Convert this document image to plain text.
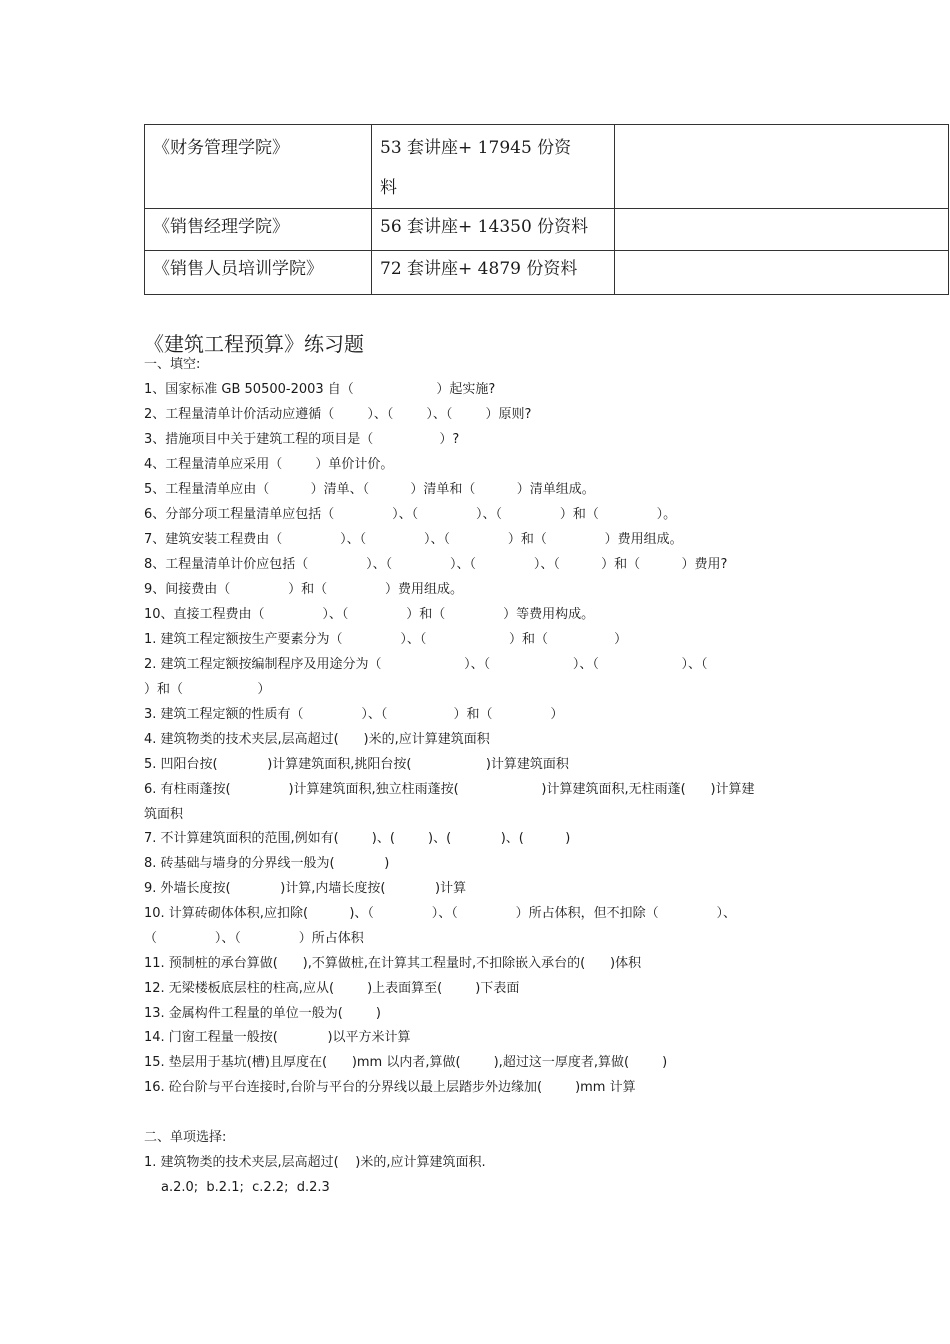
《财务管理学院》	53 套讲座+ 17945 份资
料	
《销售经理学院》	56 套讲座+ 14350 份资料	
《销售人员培训学院》	72 套讲座+ 4879 份资料	
《建筑工程预算》练习题
一、填空:
1、国家标准 GB 50500-2003 自（                    ）起实施?
2、工程量清单计价活动应遵循（        ）、（        ）、（        ）原则?
3、措施项目中关于建筑工程的项目是（                ）?
4、工程量清单应采用（        ）单价计价。
5、工程量清单应由（          ）清单、（          ）清单和（          ）清单组成。
6、分部分项工程量清单应包括（              ）、（              ）、（              ）和（              ）。
7、建筑安装工程费由（              ）、（              ）、（              ）和（              ）费用组成。
8、工程量清单计价应包括（              ）、（              ）、（              ）、（          ）和（          ）费用?
9、间接费由（              ）和（              ）费用组成。
10、直接工程费由（              ）、（              ）和（              ）等费用构成。
1. 建筑工程定额按生产要素分为（              ）、（                    ）和（                ）
2. 建筑工程定额按编制程序及用途分为（                    ）、（                    ）、（                    ）、（
）和（                  ）
3. 建筑工程定额的性质有（              ）、（                ）和（              ）
4. 建筑物类的技术夹层,层高超过(      )米的,应计算建筑面积
5. 凹阳台按(            )计算建筑面积,挑阳台按(                  )计算建筑面积
6. 有柱雨蓬按(              )计算建筑面积,独立柱雨蓬按(                    )计算建筑面积,无柱雨蓬(      )计算建
筑面积
7. 不计算建筑面积的范围,例如有(        )、(        )、(            )、(          )
8. 砖基础与墙身的分界线一般为(            )
9. 外墙长度按(            )计算,内墙长度按(            )计算
10. 计算砖砌体体积,应扣除(          )、（              ）、（              ）所占体积，但不扣除（              ）、
（              ）、（              ）所占体积
11. 预制桩的承台算做(      ),不算做桩,在计算其工程量时,不扣除嵌入承台的(      )体积
12. 无梁楼板底层柱的柱高,应从(        )上表面算至(        )下表面
13. 金属构件工程量的单位一般为(        )
14. 门窗工程量一般按(            )以平方米计算
15. 垫层用于基坑(槽)且厚度在(      )mm 以内者,算做(        ),超过这一厚度者,算做(        )
16. 砼台阶与平台连接时,台阶与平台的分界线以最上层踏步外边缘加(        )mm 计算
二、单项选择:
1. 建筑物类的技术夹层,层高超过(    )米的,应计算建筑面积.
a.2.0;  b.2.1;  c.2.2;  d.2.3
